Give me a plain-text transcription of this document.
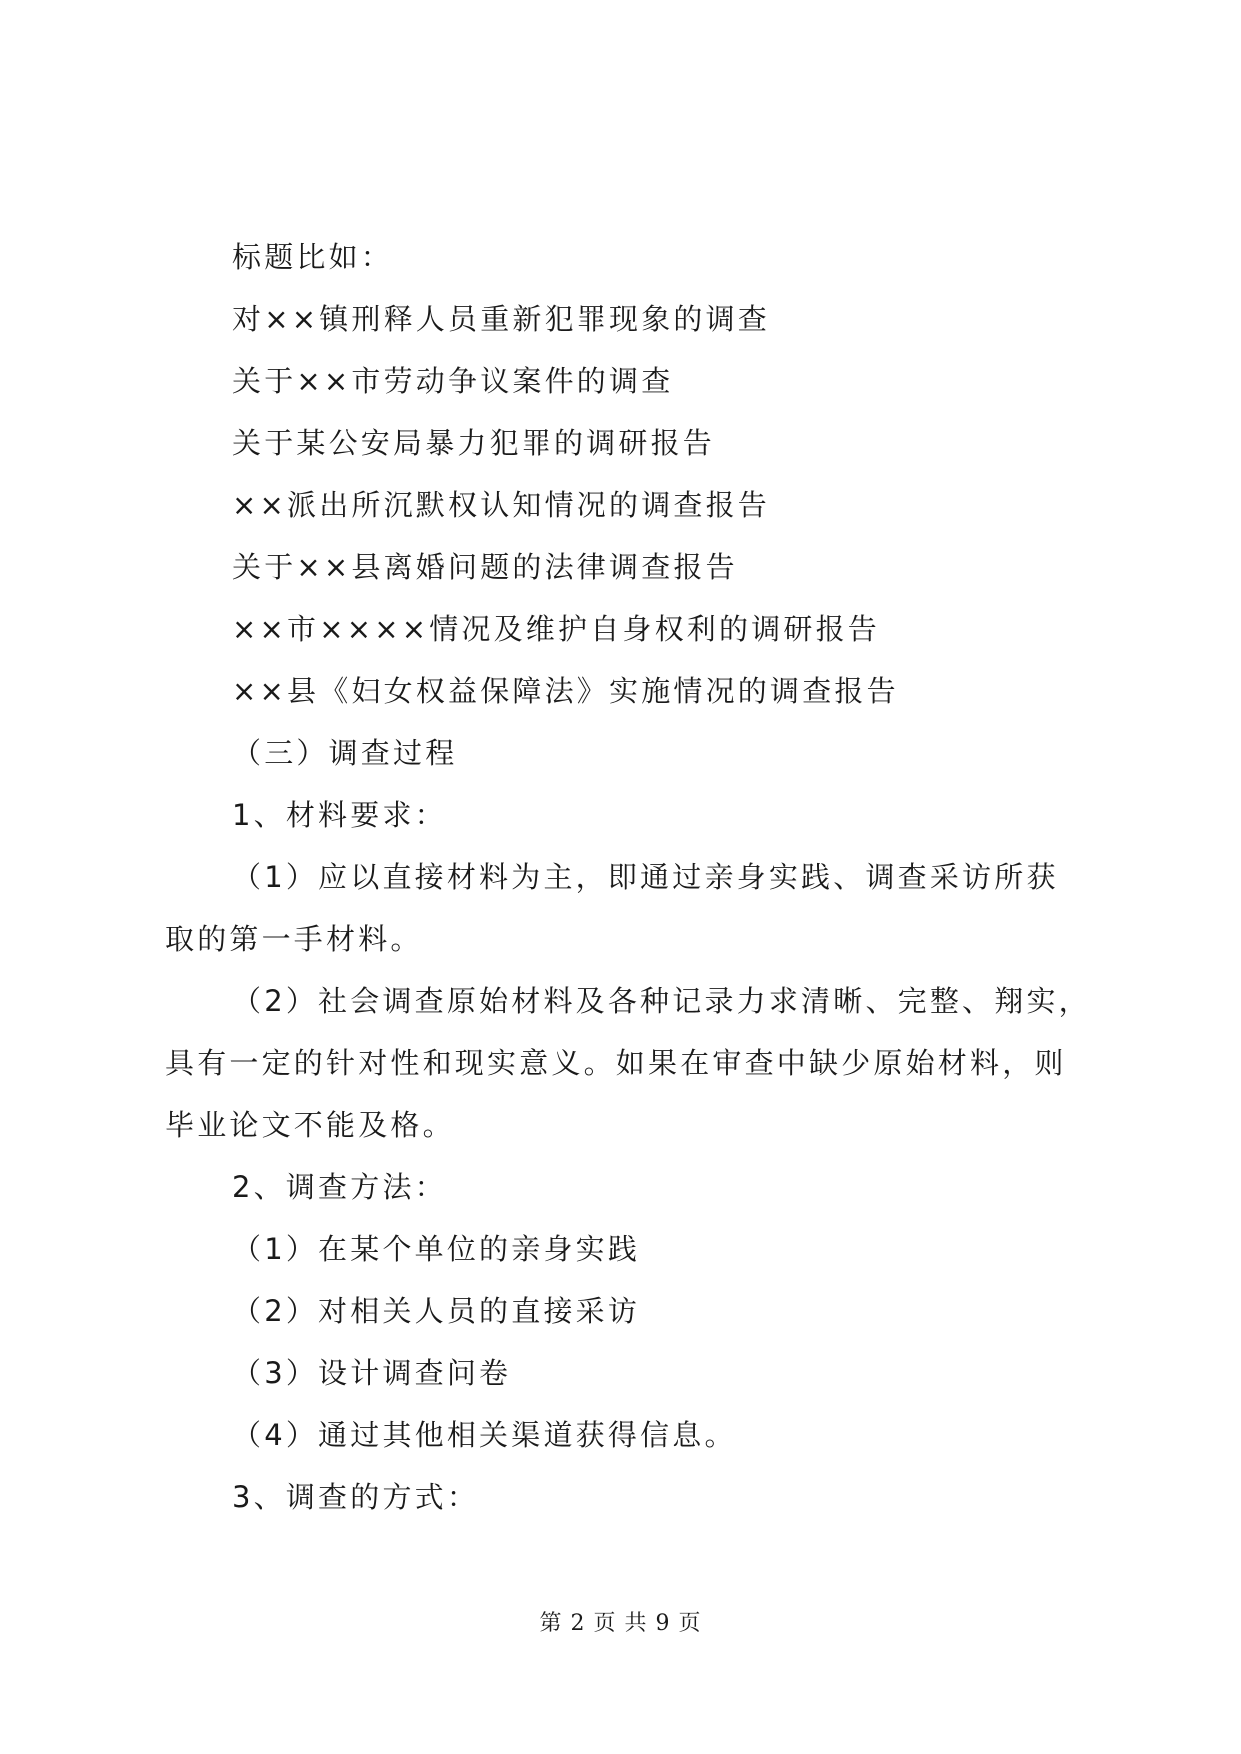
标题比如：
对××镇刑释人员重新犯罪现象的调查
关于××市劳动争议案件的调查
关于某公安局暴力犯罪的调研报告
××派出所沉默权认知情况的调查报告
关于××县离婚问题的法律调查报告
××市××××情况及维护自身权利的调研报告
××县《妇女权益保障法》实施情况的调查报告
（三）调查过程
1、材料要求：
（1）应以直接材料为主，即通过亲身实践、调查采访所获
取的第一手材料。
（2）社会调查原始材料及各种记录力求清晰、完整、翔实，
具有一定的针对性和现实意义。如果在审查中缺少原始材料，则
毕业论文不能及格。
2、调查方法：
（1）在某个单位的亲身实践
（2）对相关人员的直接采访
（3）设计调查问卷
（4）通过其他相关渠道获得信息。
3、调查的方式：
第 2 页 共 9 页
